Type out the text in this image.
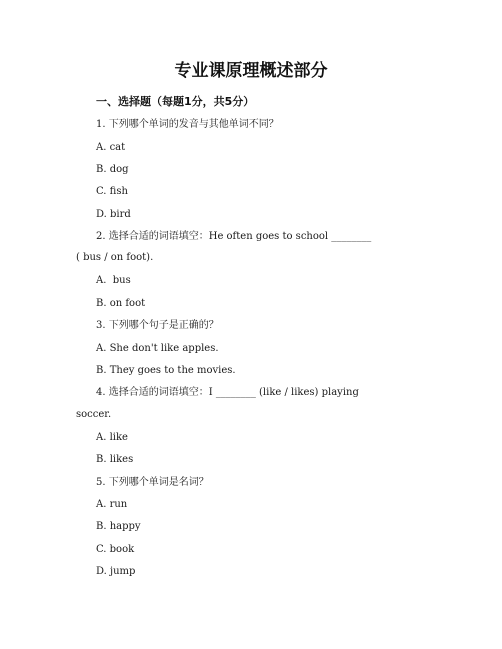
专业课原理概述部分
一、选择题（每题1分，共5分）
1. 下列哪个单词的发音与其他单词不同？
A. cat
B. dog
C. fish
D. bird
2. 选择合适的词语填空：He often goes to school ________
( bus / on foot).
A.  bus
B. on foot
3. 下列哪个句子是正确的？
A. She don't like apples.
B. They goes to the movies.
4. 选择合适的词语填空：I ________ (like / likes) playing
soccer.
A. like
B. likes
5. 下列哪个单词是名词？
A. run
B. happy
C. book
D. jump
